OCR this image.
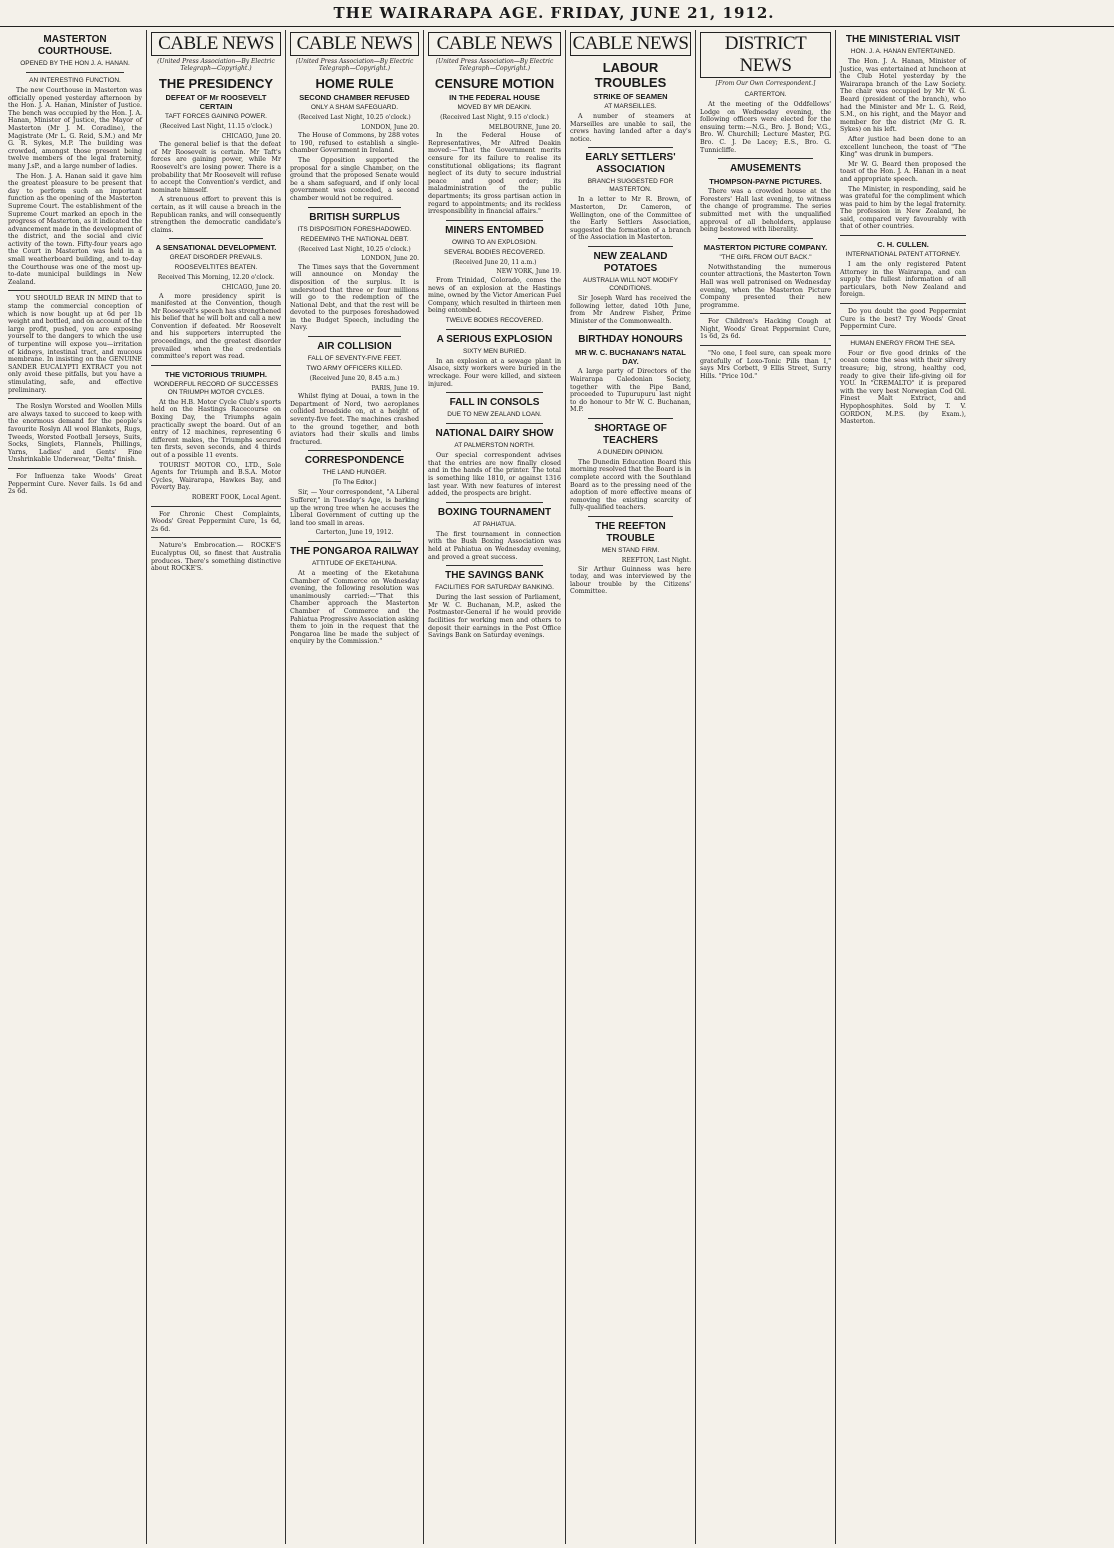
THE WAIRARAPA AGE. FRIDAY, JUNE 21, 1912.
MASTERTON COURTHOUSE.
OPENED BY THE HON J. A. HANAN.
AN INTERESTING FUNCTION.

The new Courthouse in Masterton was officially opened yesterday afternoon by the Hon. J. A. Hanan, Minister of Justice. The bench was occupied by the Hon. J. A. Hanan, Minister of Justice, the Mayor of Masterton (Mr J. M. Coradine), the Magistrate (Mr L. G. Reid, S.M.) and Mr G. R. Sykes, M.P. The building was crowded, amongst those present being twelve members of the legal fraternity, many J.sP., and a large number of ladies.

The Hon. J. A. Hanan said it gave him the greatest pleasure to be present that day to perform such an important function as the opening of the Masterton Supreme Court. The establishment of the Supreme Court marked an epoch in the progress of Masterton, as it indicated the advancement made in the development of the district, and the social and civic activity of the town. Fifty-four years ago the Court in Masterton was held in a small weatherboard building, and to-day the Courthouse was one of the most up-to-date municipal buildings in New Zealand.

YOU SHOULD BEAR IN MIND that to stamp the commercial conception of which is now bought up at 6d per 1b weight and bottled, and on account of the large profit, pushed, you are exposing yourself to the dangers to which the use of turpentine will expose you—irritation of kidneys, intestinal tract, and mucous membrane. In insisting on the GENUINE SANDER EUCALYPTI EXTRACT you not only avoid these pitfalls, but you have a stimulating, safe, and effective preliminary.

The Roslyn Worsted and Woollen Mills are always taxed to succeed to keep with the enormous demand for the people's favourite Roslyn All wool Blankets, Rugs, Tweeds, Worsted Football Jerseys, Suits, Socks, Singlets, Flannels, Phillings, Yarns, Ladies' and Gents' Fine Unshrinkable Underwear, "Delta" finish.

For Influenza take Woods' Great Peppermint Cure. Never fails. 1s 6d and 2s 6d.

CABLE NEWS
(United Press Association—By Electric Telegraph—Copyright.)
THE PRESIDENCY
DEFEAT OF Mr ROOSEVELT CERTAIN
TAFT FORCES GAINING POWER.
(Received Last Night, 11.15 o'clock.)
CHICAGO, June 20.

The general belief is that the defeat of Mr Roosevelt is certain. Mr Taft's forces are gaining power, while Mr Roosevelt's are losing power. There is a probability that Mr Roosevelt will refuse to accept the Convention's verdict, and nominate himself.

A strenuous effort to prevent this is certain, as it will cause a breach in the Republican ranks, and will consequently strengthen the democratic candidate's claims.

A SENSATIONAL DEVELOPMENT.
GREAT DISORDER PREVAILS.
ROOSEVELTITES BEATEN.
Received This Morning, 12.20 o'clock.
CHICAGO, June 20.

A more presidency spirit is manifested at the Convention, though Mr Roosevelt's speech has strengthened his belief that he will bolt and call a new Convention if defeated. Mr Roosevelt and his supporters interrupted the proceedings, and the greatest disorder prevailed when the credentials committee's report was read.

THE VICTORIOUS TRIUMPH.
WONDERFUL RECORD OF SUCCESSES ON TRIUMPH MOTOR CYCLES.

At the H.B. Motor Cycle Club's sports held on the Hastings Racecourse on Boxing Day, the Triumphs again practically swept the board. Out of an entry of 12 machines, representing 6 different makes, the Triumphs secured ten firsts, seven seconds, and 4 thirds out of a possible 11 events.

TOURIST MOTOR CO., LTD., Sole Agents for Triumph and B.S.A. Motor Cycles, Wairarapa, Hawkes Bay, and Poverty Bay.

ROBERT FOOK, Local Agent.

For Chronic Chest Complaints, Woods' Great Peppermint Cure, 1s 6d, 2s 6d.

Nature's Embrocation.— ROCKE'S Eucalyptus Oil, so finest that Australia produces. There's something distinctive about ROCKE'S.

CABLE NEWS
(United Press Association—By Electric Telegraph—Copyright.)
HOME RULE
SECOND CHAMBER REFUSED
ONLY A SHAM SAFEGUARD.
(Received Last Night, 10.25 o'clock.)
LONDON, June 20.

The House of Commons, by 288 votes to 190, refused to establish a single-chamber Government in Ireland.

The Opposition supported the proposal for a single Chamber, on the ground that the proposed Senate would be a sham safeguard, and if only local government was conceded, a second chamber would not be required.

BRITISH SURPLUS
ITS DISPOSITION FORESHADOWED.
REDEEMING THE NATIONAL DEBT.
(Received Last Night, 10.25 o'clock.)
LONDON, June 20.

The Times says that the Government will announce on Monday the disposition of the surplus. It is understood that three or four millions will go to the redemption of the National Debt, and that the rest will be devoted to the purposes foreshadowed in the Budget Speech, including the Navy.

AIR COLLISION
FALL OF SEVENTY-FIVE FEET.
TWO ARMY OFFICERS KILLED.
(Received June 20, 8.45 a.m.)
PARIS, June 19.

Whilst flying at Douai, a town in the Department of Nord, two aeroplanes collided broadside on, at a height of seventy-five feet. The machines crashed to the ground together, and both aviators had their skulls and limbs fractured.

CORRESPONDENCE
THE LAND HUNGER.
[To The Editor.]

Sir, — Your correspondent, "A Liberal Sufferer," in Tuesday's Age, is barking up the wrong tree when he accuses the Liberal Government of cutting up the land too small in areas.

Carterton, June 19, 1912.
THE PONGAROA RAILWAY
ATTITUDE OF EKETAHUNA.

At a meeting of the Eketahuna Chamber of Commerce on Wednesday evening, the following resolution was unanimously carried:—"That this Chamber approach the Masterton Chamber of Commerce and the Pahiatua Progressive Association asking them to join in the request that the Pongaroa line be made the subject of enquiry by the Commission."

CABLE NEWS
(United Press Association—By Electric Telegraph—Copyright.)
CENSURE MOTION
IN THE FEDERAL HOUSE
MOVED BY MR DEAKIN.
(Received Last Night, 9.15 o'clock.)
MELBOURNE, June 20.

In the Federal House of Representatives, Mr Alfred Deakin moved:—"That the Government merits censure for its failure to realise its constitutional obligations; its flagrant neglect of its duty to secure industrial peace and good order; its maladministration of the public departments; its gross partisan action in regard to appointments; and its reckless irresponsibility in financial affairs."

MINERS ENTOMBED
OWING TO AN EXPLOSION.
SEVERAL BODIES RECOVERED.
(Received June 20, 11 a.m.)
NEW YORK, June 19.

From Trinidad, Colorado, comes the news of an explosion at the Hastings mine, owned by the Victor American Fuel Company, which resulted in thirteen men being entombed.

TWELVE BODIES RECOVERED.
A SERIOUS EXPLOSION
SIXTY MEN BURIED.

In an explosion at a sewage plant in Alsace, sixty workers were buried in the wreckage. Four were killed, and sixteen injured.

FALL IN CONSOLS
DUE TO NEW ZEALAND LOAN.
NATIONAL DAIRY SHOW
AT PALMERSTON NORTH.

Our special correspondent advises that the entries are now finally closed and in the hands of the printer. The total is something like 1810, or against 1316 last year. With new features of interest added, the prospects are bright.

BOXING TOURNAMENT
AT PAHIATUA.

The first tournament in connection with the Bush Boxing Association was held at Pahiatua on Wednesday evening, and proved a great success.

THE SAVINGS BANK
FACILITIES FOR SATURDAY BANKING.

During the last session of Parliament, Mr W. C. Buchanan, M.P., asked the Postmaster-General if he would provide facilities for working men and others to deposit their earnings in the Post Office Savings Bank on Saturday evenings.

CABLE NEWS
LABOUR TROUBLES
STRIKE OF SEAMEN
AT MARSEILLES.

A number of steamers at Marseilles are unable to sail, the crews having landed after a day's notice.

EARLY SETTLERS' ASSOCIATION
BRANCH SUGGESTED FOR MASTERTON.

In a letter to Mr R. Brown, of Masterton, Dr. Cameron, of Wellington, one of the Committee of the Early Settlers Association, suggested the formation of a branch of the Association in Masterton.

NEW ZEALAND POTATOES
AUSTRALIA WILL NOT MODIFY CONDITIONS.

Sir Joseph Ward has received the following letter, dated 10th June, from Mr Andrew Fisher, Prime Minister of the Commonwealth.

BIRTHDAY HONOURS
MR W. C. BUCHANAN'S NATAL DAY.

A large party of Directors of the Wairarapa Caledonian Society, together with the Pipe Band, proceeded to Tupurupuru last night to do honour to Mr W. C. Buchanan, M.P.

SHORTAGE OF TEACHERS
A DUNEDIN OPINION.

The Dunedin Education Board this morning resolved that the Board is in complete accord with the Southland Board as to the pressing need of the adoption of more effective means of removing the existing scarcity of fully-qualified teachers.

THE REEFTON TROUBLE
MEN STAND FIRM.
REEFTON, Last Night.

Sir Arthur Guinness was here today, and was interviewed by the labour trouble by the Citizens' Committee.

DISTRICT NEWS
[From Our Own Correspondent.]
CARTERTON.

At the meeting of the Oddfellows' Lodge on Wednesday evening, the following officers were elected for the ensuing term:—N.G., Bro. J. Bond; V.G., Bro. W. Churchill; Lecture Master, P.G. Bro. C. J. De Lacey; E.S., Bro. G. Tunnicliffe.

AMUSEMENTS
THOMPSON-PAYNE PICTURES.

There was a crowded house at the Foresters' Hall last evening, to witness the change of programme. The series submitted met with the unqualified approval of all beholders, applause being bestowed with liberality.

MASTERTON PICTURE COMPANY.
"THE GIRL FROM OUT BACK."

Notwithstanding the numerous counter attractions, the Masterton Town Hall was well patronised on Wednesday evening, when the Masterton Picture Company presented their new programme.

For Children's Hacking Cough at Night, Woods' Great Peppermint Cure, 1s 6d, 2s 6d.

"No one, I feel sure, can speak more gratefully of Loxo-Tonic Pills than I," says Mrs Corbett, 9 Ellis Street, Surry Hills. "Price 10d."

THE MINISTERIAL VISIT
HON. J. A. HANAN ENTERTAINED.

The Hon. J. A. Hanan, Minister of Justice, was entertained at luncheon at the Club Hotel yesterday by the Wairarapa branch of the Law Society. The chair was occupied by Mr W. G. Beard (president of the branch), who had the Minister and Mr L. G. Reid, S.M., on his right, and the Mayor and member for the district (Mr G. R. Sykes) on his left.

After justice had been done to an excellent luncheon, the toast of "The King" was drunk in bumpers.

Mr W. G. Beard then proposed the toast of the Hon. J. A. Hanan in a neat and appropriate speech.

The Minister, in responding, said he was grateful for the compliment which was paid to him by the legal fraternity. The profession in New Zealand, he said, compared very favourably with that of other countries.

C. H. CULLEN.
INTERNATIONAL PATENT ATTORNEY.

I am the only registered Patent Attorney in the Wairarapa, and can supply the fullest information of all particulars, both New Zealand and foreign.

Do you doubt the good Peppermint Cure is the best? Try Woods' Great Peppermint Cure.

HUMAN ENERGY FROM THE SEA.

Four or five good drinks of the ocean come the seas with their silvery treasure; big, strong, healthy cod, ready to give their life-giving oil for YOU. In "CREMALTO" it is prepared with the very best Norwegian Cod Oil. Finest Malt Extract, and Hypophosphites. Sold by T. V. GORDON, M.P.S. (by Exam.), Masterton.
